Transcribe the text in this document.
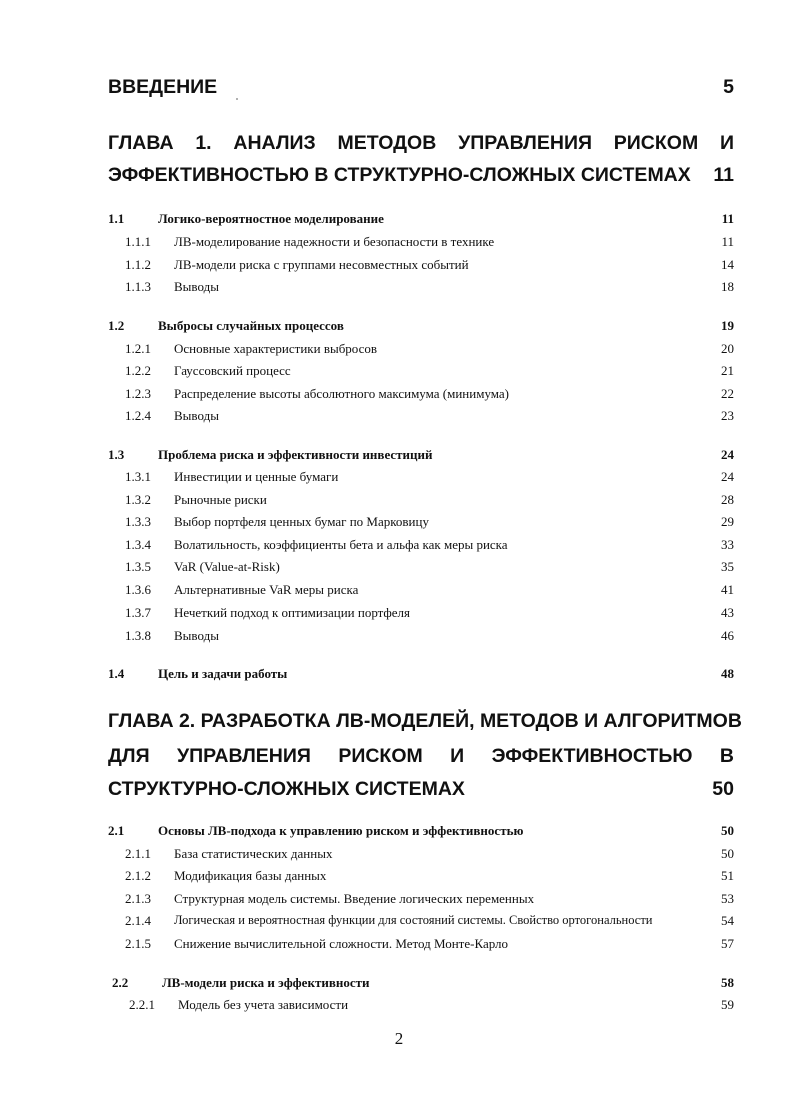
ВВЕДЕНИЕ	5
ГЛАВА 1. АНАЛИЗ МЕТОДОВ УПРАВЛЕНИЯ РИСКОМ И
ЭФФЕКТИВНОСТЬЮ В СТРУКТУРНО-СЛОЖНЫХ СИСТЕМАХ 11
1.1	Логико-вероятностное моделирование	11
1.1.1 ЛВ-моделирование надежности и безопасности в технике	11
1.1.2 ЛВ-модели риска с группами несовместных событий	14
1.1.3 Выводы	18
1.2	Выбросы случайных процессов	19
1.2.1 Основные характеристики выбросов	20
1.2.2 Гауссовский процесс	21
1.2.3 Распределение высоты абсолютного максимума (минимума)	22
1.2.4 Выводы	23
1.3	Проблема риска и эффективности инвестиций	24
1.3.1 Инвестиции и ценные бумаги	24
1.3.2 Рыночные риски	28
1.3.3 Выбор портфеля ценных бумаг по Марковицу	29
1.3.4 Волатильность, коэффициенты бета и альфа как меры риска	33
1.3.5 VaR (Value-at-Risk)	35
1.3.6 Альтернативные VaR меры риска	41
1.3.7 Нечеткий подход к оптимизации портфеля	43
1.3.8 Выводы	46
1.4	Цель и задачи работы	48
ГЛАВА 2. РАЗРАБОТКА ЛВ-МОДЕЛЕЙ, МЕТОДОВ И АЛГОРИТМОВ
ДЛЯ УПРАВЛЕНИЯ РИСКОМ И ЭФФЕКТИВНОСТЬЮ В
СТРУКТУРНО-СЛОЖНЫХ СИСТЕМАХ	50
2.1	Основы ЛВ-подхода к управлению риском и эффективностью	50
2.1.1 База статистических данных	50
2.1.2 Модификация базы данных	51
2.1.3 Структурная модель системы. Введение логических переменных	53
2.1.4 Логическая и вероятностная функции для состояний системы. Свойство ортогональности	54
2.1.5 Снижение вычислительной сложности. Метод Монте-Карло	57
2.2	ЛВ-модели риска и эффективности	58
2.2.1 Модель без учета зависимости	59
2
